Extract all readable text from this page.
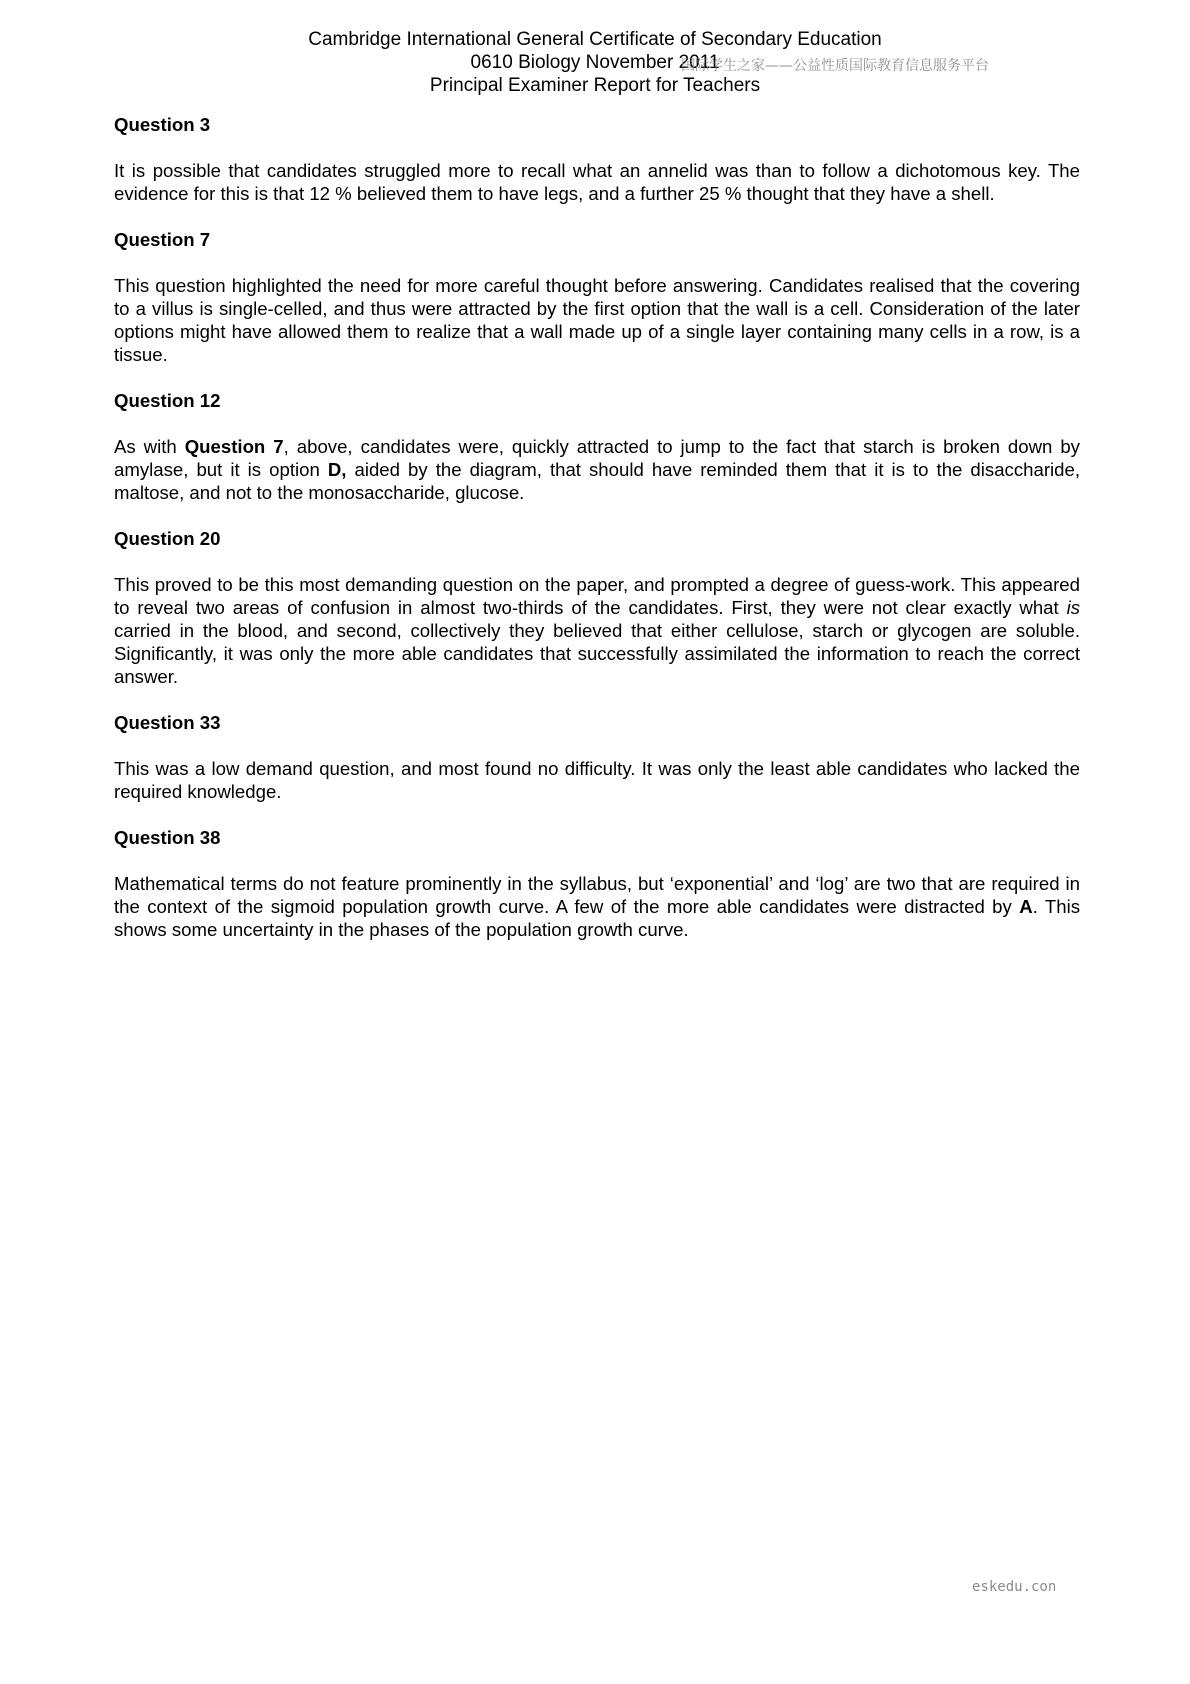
Cambridge International General Certificate of Secondary Education
0610 Biology November 2011
Principal Examiner Report for Teachers
国际学生之家——公益性质国际教育信息服务平台
Question 3

It is possible that candidates struggled more to recall what an annelid was than to follow a dichotomous key. The evidence for this is that 12 % believed them to have legs, and a further 25 % thought that they have a shell.

Question 7

This question highlighted the need for more careful thought before answering. Candidates realised that the covering to a villus is single-celled, and thus were attracted by the first option that the wall is a cell. Consideration of the later options might have allowed them to realize that a wall made up of a single layer containing many cells in a row, is a tissue.

Question 12

As with Question 7, above, candidates were, quickly attracted to jump to the fact that starch is broken down by amylase, but it is option D, aided by the diagram, that should have reminded them that it is to the disaccharide, maltose, and not to the monosaccharide, glucose.

Question 20

This proved to be this most demanding question on the paper, and prompted a degree of guess-work. This appeared to reveal two areas of confusion in almost two-thirds of the candidates. First, they were not clear exactly what is carried in the blood, and second, collectively they believed that either cellulose, starch or glycogen are soluble. Significantly, it was only the more able candidates that successfully assimilated the information to reach the correct answer.

Question 33

This was a low demand question, and most found no difficulty. It was only the least able candidates who lacked the required knowledge.

Question 38

Mathematical terms do not feature prominently in the syllabus, but ‘exponential’ and ‘log’ are two that are required in the context of the sigmoid population growth curve. A few of the more able candidates were distracted by A. This shows some uncertainty in the phases of the population growth curve.

eskedu.con
